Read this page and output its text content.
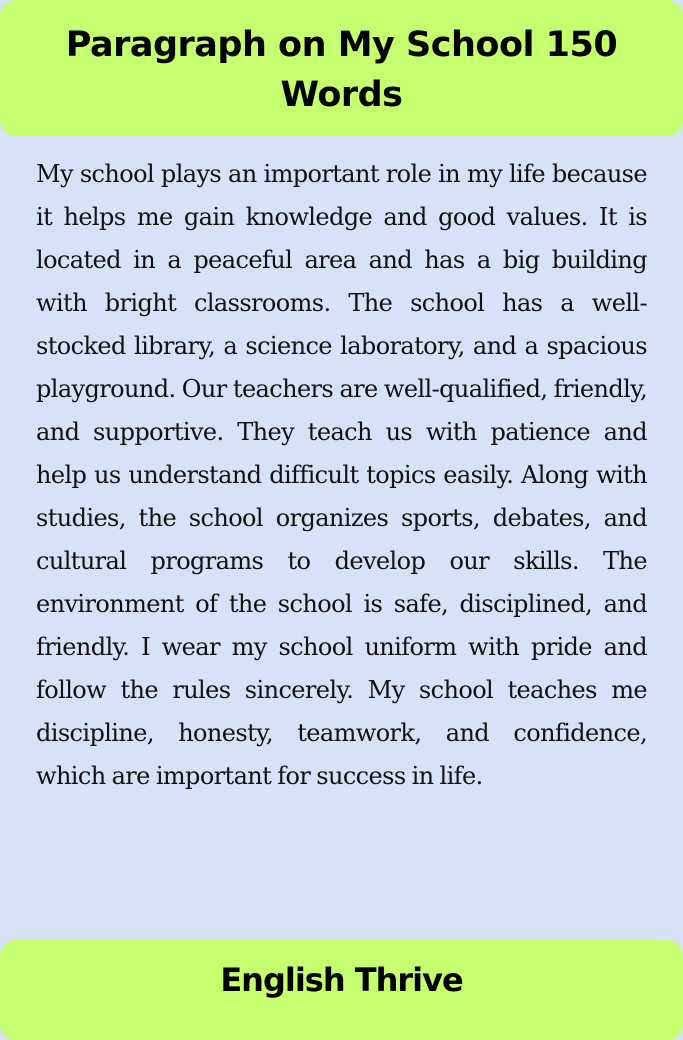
Paragraph on My School 150 Words

My school plays an important role in my life because it helps me gain knowledge and good values. It is located in a peaceful area and has a big building with bright classrooms. The school has a well-stocked library, a science laboratory, and a spacious playground. Our teachers are well-qualified, friendly, and supportive. They teach us with patience and help us understand difficult topics easily. Along with studies, the school organizes sports, debates, and cultural programs to develop our skills. The environment of the school is safe, disciplined, and friendly. I wear my school uniform with pride and follow the rules sincerely. My school teaches me discipline, honesty, teamwork, and confidence, which are important for success in life.

English Thrive
